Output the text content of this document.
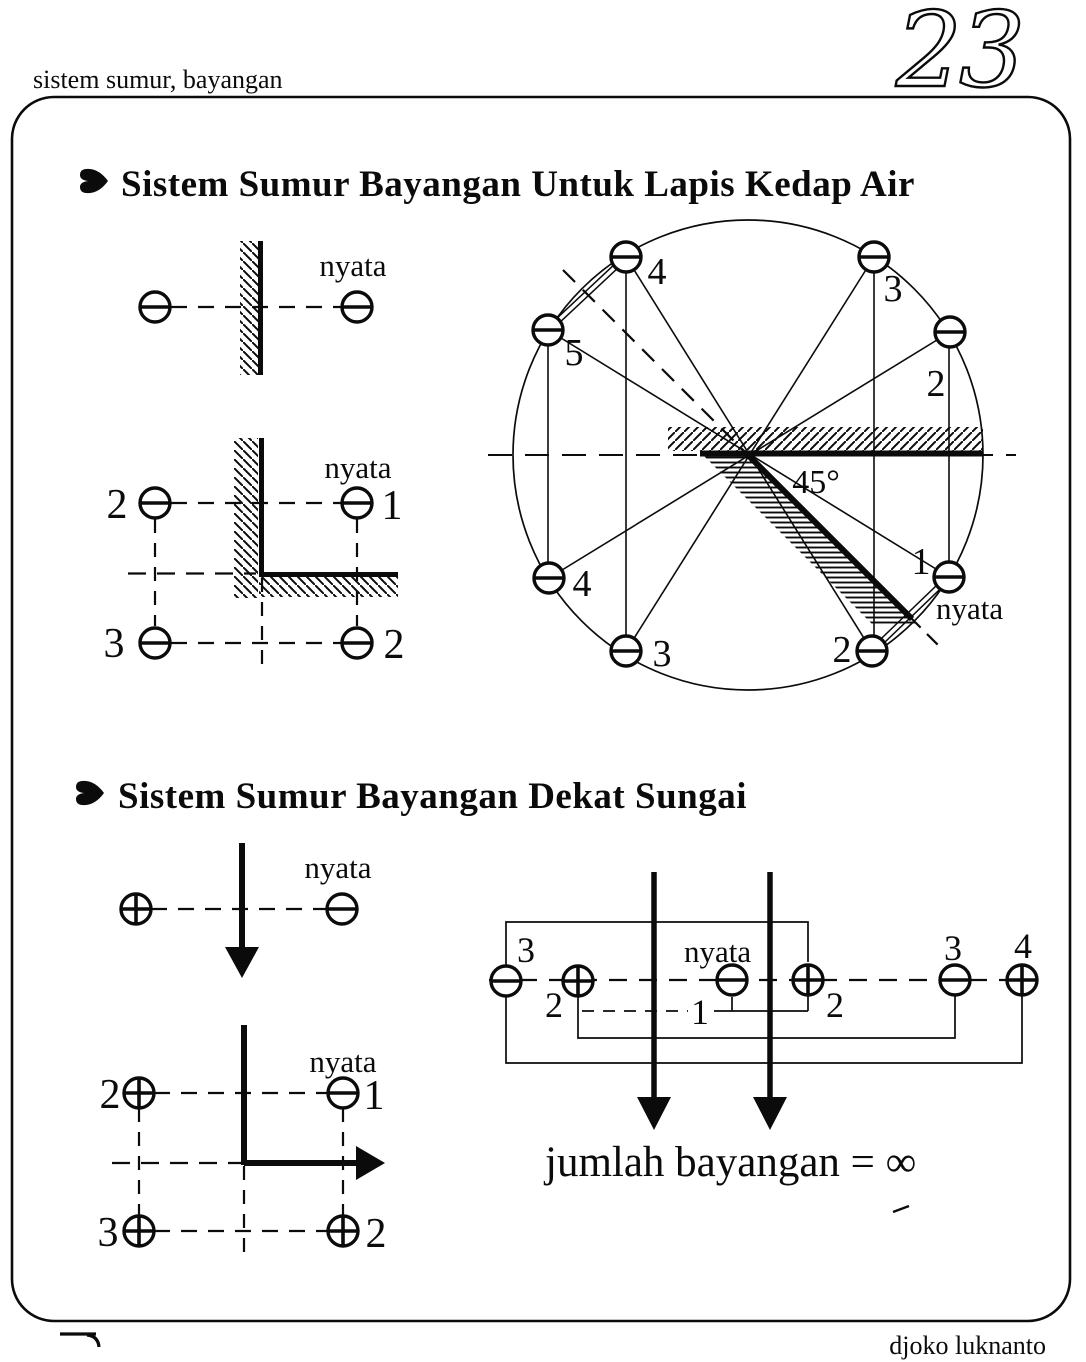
sistem sumur, bayangan	23
djoko luknanto
Sistem Sumur Bayangan Untuk Lapis Kedap Air
nyata
nyata
2	1
3	2
4	3
2
1
2
3
4
5
45°
nyata
Sistem Sumur Bayangan Dekat Sungai
nyata
nyata
2	1
3	2
nyata
3
2	1	2
3 4
jumlah bayangan = ∞
